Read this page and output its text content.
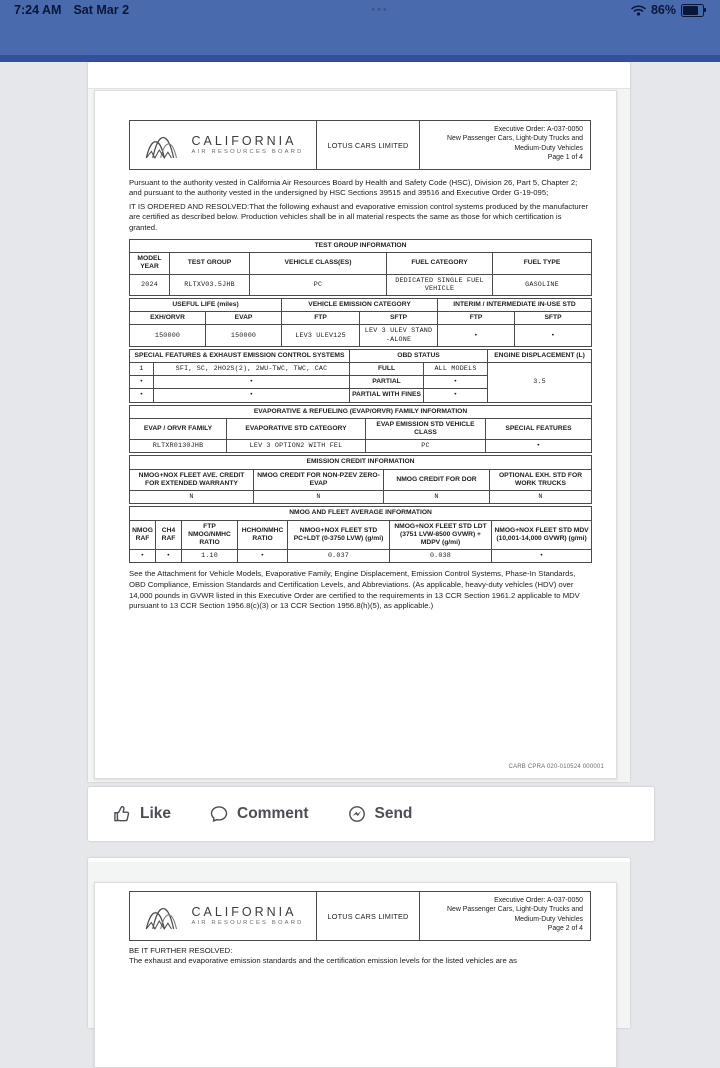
7:24 AM Sat Mar 2	•••	86%
CALIFORNIA
AIR RESOURCES BOARD
LOTUS CARS LIMITED
Executive Order: A-037-0050
New Passenger Cars, Light-Duty Trucks and
Medium-Duty Vehicles
Page 1 of 4

Pursuant to the authority vested in California Air Resources Board by Health and Safety Code (HSC), Division 26, Part 5, Chapter 2; and pursuant to the authority vested in the undersigned by HSC Sections 39515 and 39516 and Executive Order G-19-095;

IT IS ORDERED AND RESOLVED:That the following exhaust and evaporative emission control systems produced by the manufacturer are certified as described below. Production vehicles shall be in all material respects the same as those for which certification is granted.

TEST GROUP INFORMATION				
MODEL YEAR	TEST GROUP	VEHICLE CLASS(ES)	FUEL CATEGORY	FUEL TYPE
2024	RLTXV03.5JHB	PC	DEDICATED SINGLE FUEL VEHICLE	GASOLINE
USEFUL LIFE (miles)		VEHICLE EMISSION CATEGORY		INTERIM / INTERMEDIATE IN-USE STD	
EXH/ORVR	EVAP	FTP	SFTP	FTP	SFTP
150000	150000	LEV3 ULEV125	LEV 3 ULEV STAND -ALONE	•	•
SPECIAL FEATURES & EXHAUST EMISSION CONTROL SYSTEMS		OBD STATUS		ENGINE DISPLACEMENT (L)
1	SFI, SC, 2HO2S(2), 2WU-TWC, TWC, CAC	FULL	ALL MODELS	3.5
•	•	PARTIAL	•	
•	•	PARTIAL WITH FINES	•	
EVAPORATIVE & REFUELING (EVAP/ORVR) FAMILY INFORMATION			
EVAP / ORVR FAMILY	EVAPORATIVE STD CATEGORY	EVAP EMISSION STD VEHICLE CLASS	SPECIAL FEATURES
RLTXR0130JHB	LEV 3 OPTION2 WITH FEL	PC	•
EMISSION CREDIT INFORMATION			
NMOG+NOX FLEET AVE. CREDIT FOR EXTENDED WARRANTY	NMOG CREDIT FOR NON-PZEV ZERO-EVAP	NMOG CREDIT FOR DOR	OPTIONAL EXH. STD FOR WORK TRUCKS
N	N	N	N
NMOG AND FLEET AVERAGE INFORMATION						
NMOG RAF	CH4 RAF	FTP NMOG/NMHC RATIO	HCHO/NMHC RATIO	NMOG+NOX FLEET STD PC+LDT (0-3750 LVW) (g/mi)	NMOG+NOX FLEET STD LDT (3751 LVW-8500 GVWR) + MDPV (g/mi)	NMOG+NOX FLEET STD MDV (10,001-14,000 GVWR) (g/mi)
•	•	1.10	•	0.037	0.038	•

See the Attachment for Vehicle Models, Evaporative Family, Engine Displacement, Emission Control Systems, Phase-In Standards, OBD Compliance, Emission Standards and Certification Levels, and Abbreviations. (As applicable, heavy-duty vehicles (HDV) over 14,000 pounds in GVWR listed in this Executive Order are certified to the requirements in 13 CCR Section 1961.2 applicable to MDV pursuant to 13 CCR Section 1956.8(c)(3) or 13 CCR Section 1956.8(h)(5), as applicable.)

CARB CPRA 020-010524 000001
Like	Comment	Send
CALIFORNIA
AIR RESOURCES BOARD
LOTUS CARS LIMITED
Executive Order: A-037-0050
New Passenger Cars, Light-Duty Trucks and
Medium-Duty Vehicles
Page 2 of 4

BE IT FURTHER RESOLVED:

The exhaust and evaporative emission standards and the certification emission levels for the listed vehicles are as
